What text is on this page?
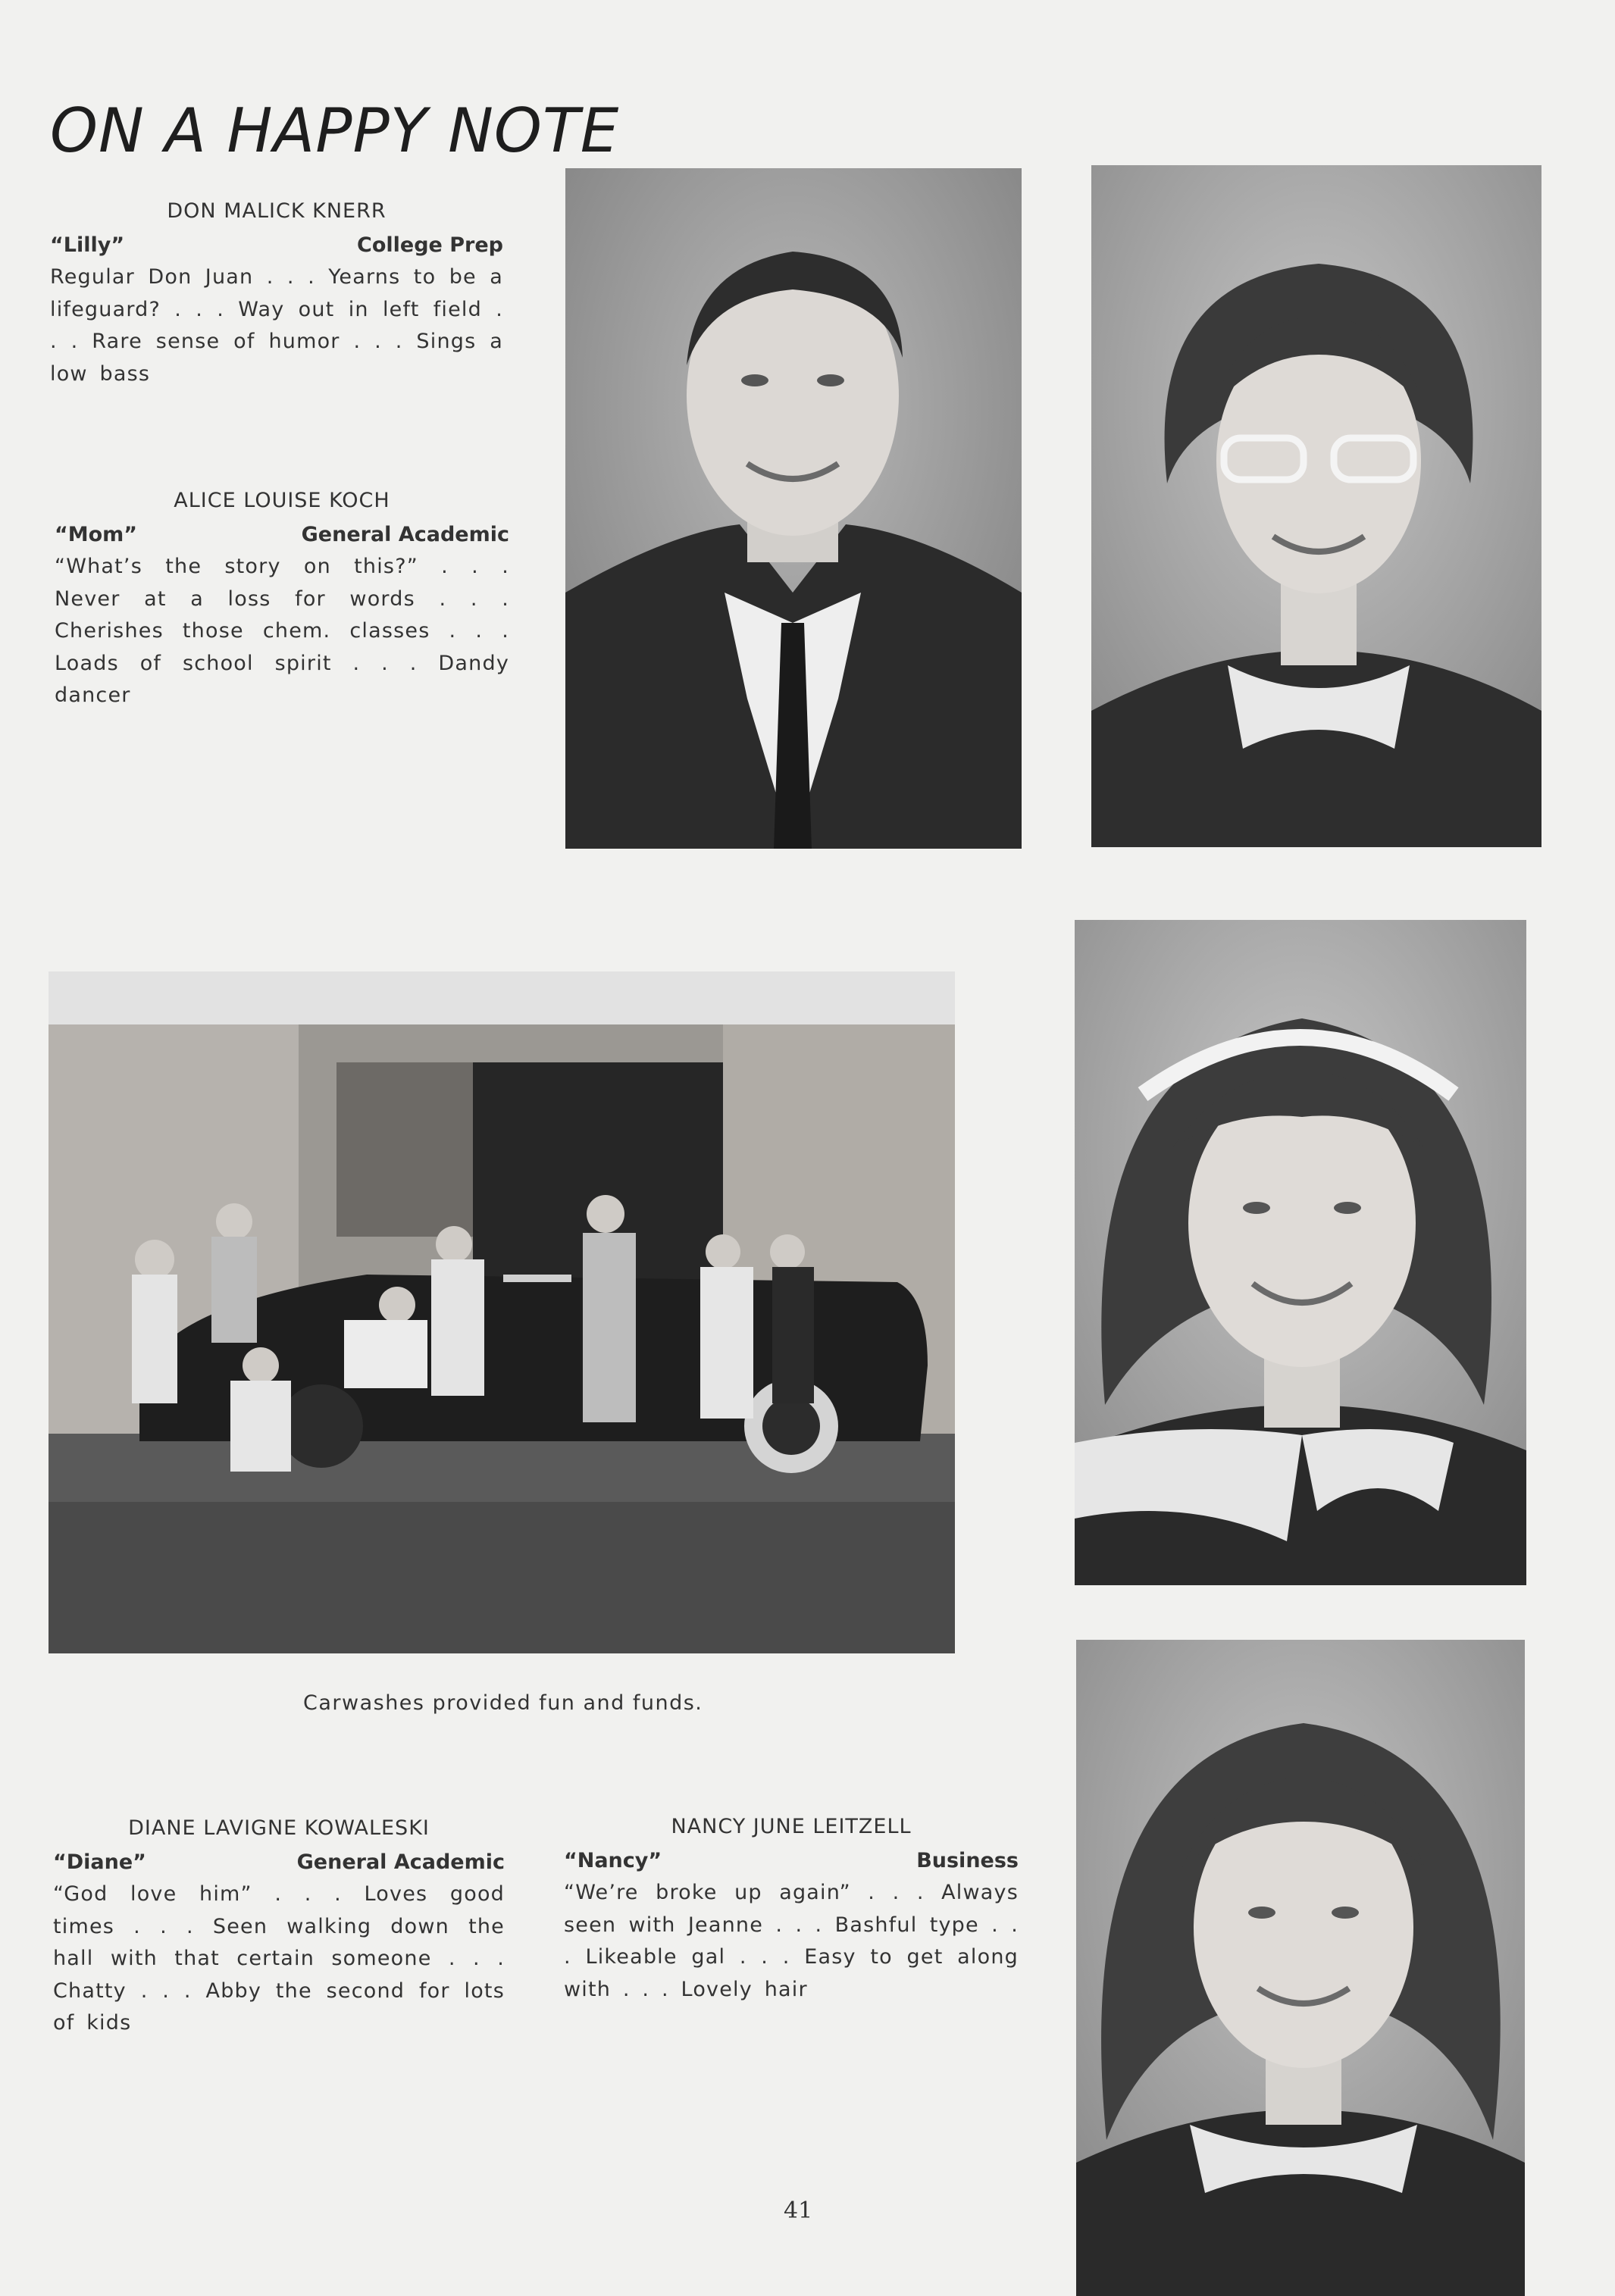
ON A HAPPY NOTE
DON MALICK KNERR
“Lilly”	College Prep
Regular Don Juan . . . Yearns to be a lifeguard? . . . Way out in left field . . . Rare sense of humor . . . Sings a low bass
ALICE LOUISE KOCH
“Mom”	General Academic
“What’s the story on this?” . . . Never at a loss for words . . . Cherishes those chem. classes . . . Loads of school spirit . . . Dandy dancer
Carwashes provided fun and funds.
DIANE LAVIGNE KOWALESKI
“Diane”	General Academic
“God love him” . . . Loves good times . . . Seen walking down the hall with that certain someone . . . Chatty . . . Abby the second for lots of kids
NANCY JUNE LEITZELL
“Nancy”	Business
“We’re broke up again” . . . Always seen with Jeanne . . . Bashful type . . . Likeable gal . . . Easy to get along with . . . Lovely hair
41
